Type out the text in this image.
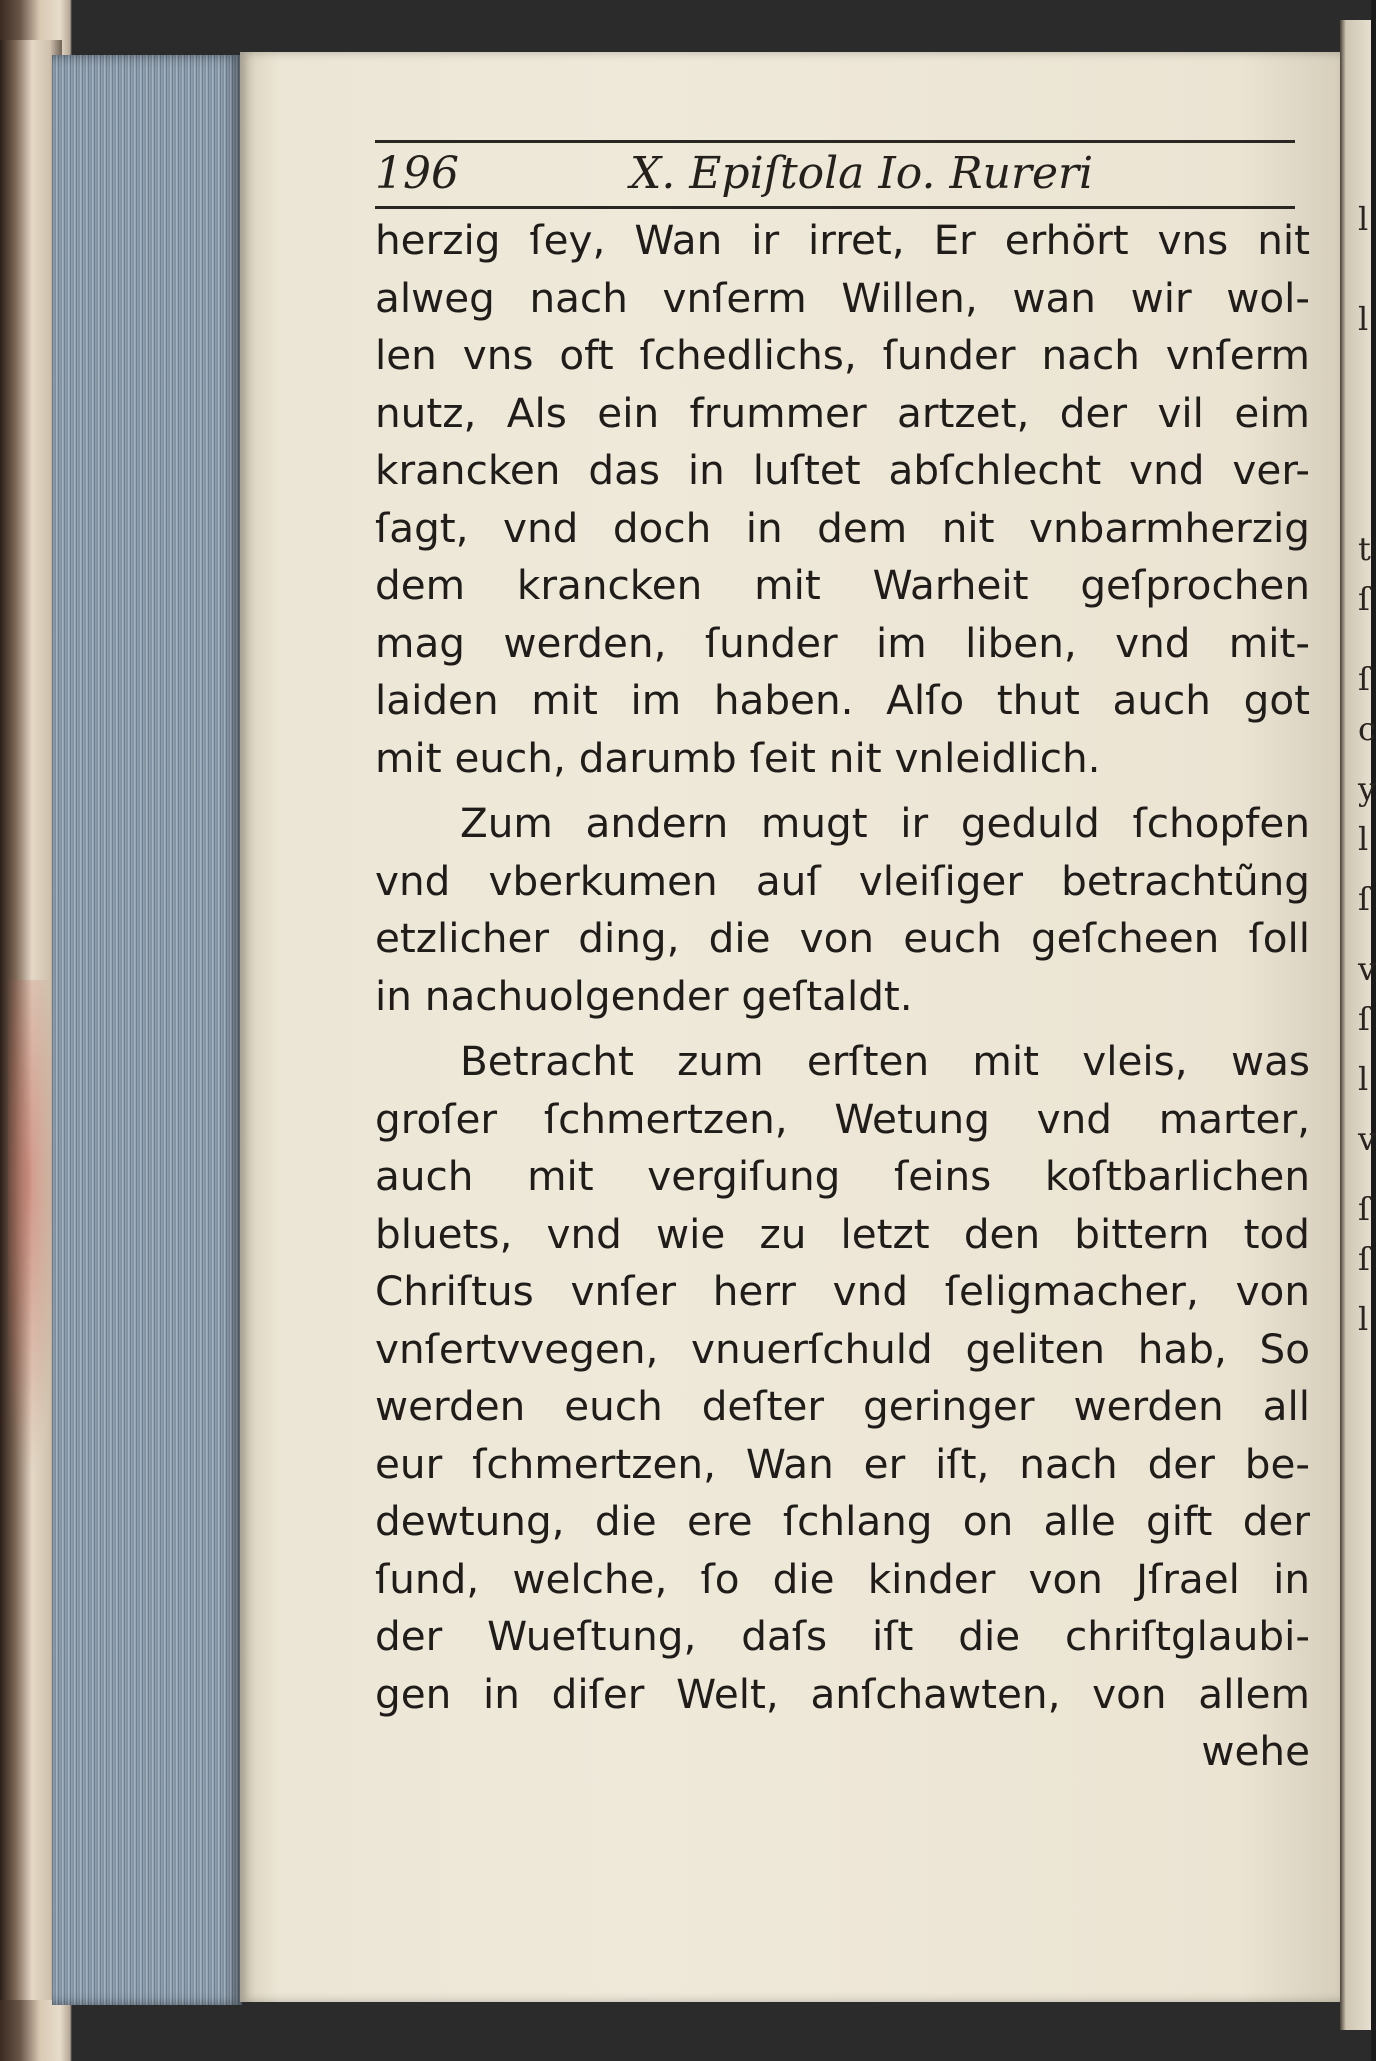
196	X. Epiſtola Io. Rureri
herzig ſey, Wan ir irret, Er erhört vns nit
alweg nach vnſerm Willen, wan wir wol-
len vns oft ſchedlichs, ſunder nach vnſerm
nutz, Als ein frummer artzet, der vil eim
krancken das in luſtet abſchlecht vnd ver-
ſagt, vnd doch in dem nit vnbarmherzig
dem krancken mit Warheit geſprochen
mag werden, ſunder im liben, vnd mit-
laiden mit im haben. Alſo thut auch got
mit euch, darumb ſeit nit vnleidlich.
Zum andern mugt ir geduld ſchopfen
vnd vberkumen auſ vleiſiger betrachtũng
etzlicher ding, die von euch geſcheen ſoll
in nachuolgender geſtaldt.
Betracht zum erſten mit vleis, was
groſer ſchmertzen, Wetung vnd marter,
auch mit vergiſung ſeins koſtbarlichen
bluets, vnd wie zu letzt den bittern tod
Chriſtus vnſer herr vnd ſeligmacher, von
vnſertvvegen, vnuerſchuld geliten hab, So
werden euch deſter geringer werden all
eur ſchmertzen, Wan er iſt, nach der be-
dewtung, die ere ſchlang on alle gift der
ſund, welche, ſo die kinder von Jſrael in
der Wueſtung, daſs iſt die chriſtglaubi-
gen in diſer Welt, anſchawten, von allem
wehe
l
l
t
ſ
ſ
c
y
l
ſ
v
ſ
l
v
ſ
ſ
l
